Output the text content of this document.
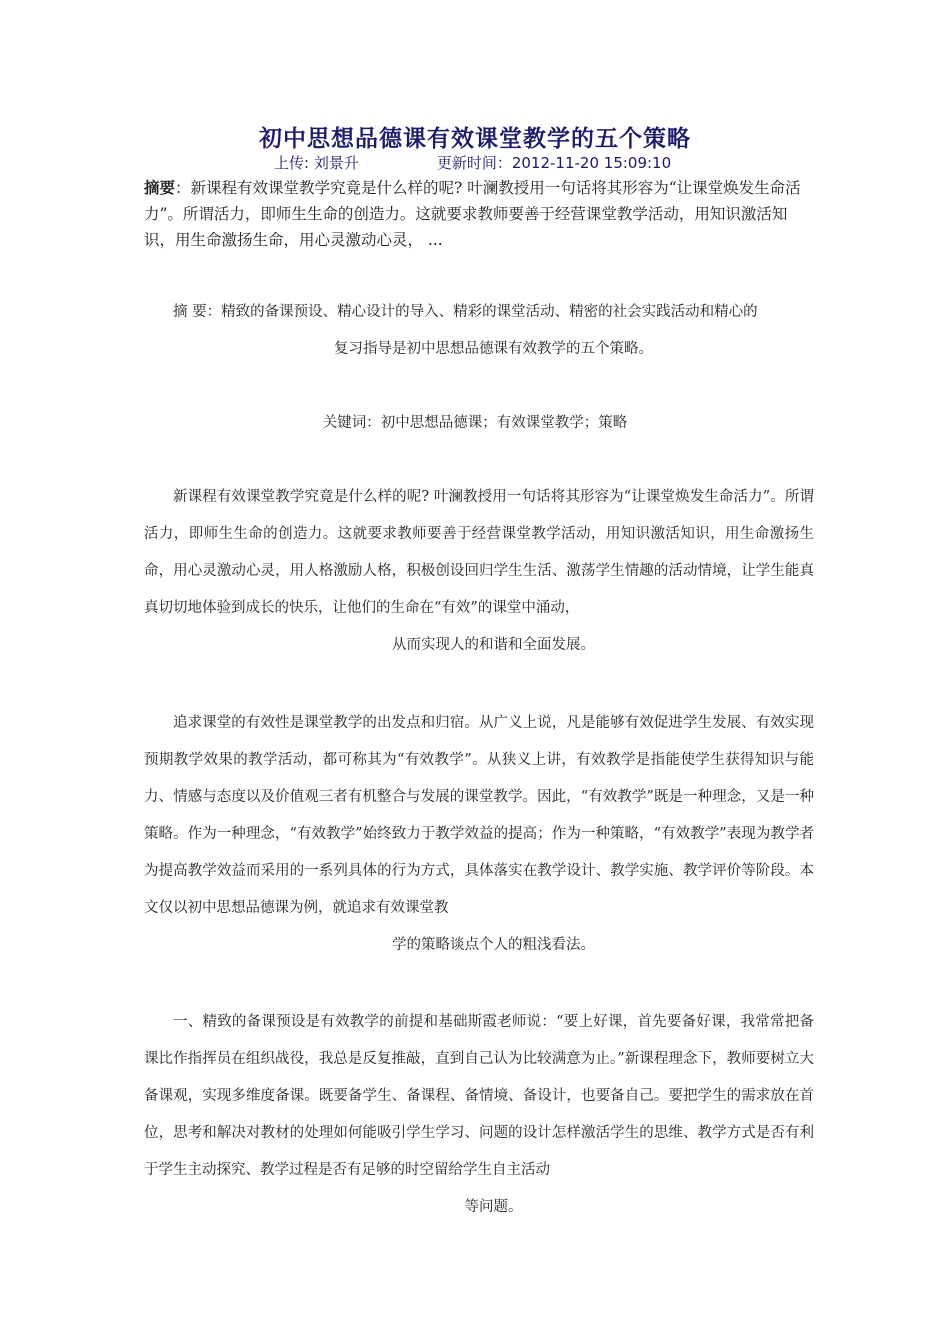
初中思想品德课有效课堂教学的五个策略
上传: 刘景升	更新时间：2012-11-20 15:09:10
摘要：新课程有效课堂教学究竟是什么样的呢? 叶澜教授用一句话将其形容为“让课堂焕发生命活力”。所谓活力，即师生生命的创造力。这就要求教师要善于经营课堂教学活动，用知识激活知识，用生命激扬生命，用心灵激动心灵， ...
摘 要：精致的备课预设、精心设计的导入、精彩的课堂活动、精密的社会实践活动和精心的
复习指导是初中思想品德课有效教学的五个策略。
关键词：初中思想品德课；有效课堂教学；策略
新课程有效课堂教学究竟是什么样的呢? 叶澜教授用一句话将其形容为“让课堂焕发生命活力”。所谓活力，即师生生命的创造力。这就要求教师要善于经营课堂教学活动，用知识激活知识，用生命激扬生命，用心灵激动心灵，用人格激励人格，积极创设回归学生生活、激荡学生情趣的活动情境，让学生能真真切切地体验到成长的快乐，让他们的生命在“有效”的课堂中涌动，
从而实现人的和谐和全面发展。
追求课堂的有效性是课堂教学的出发点和归宿。从广义上说，凡是能够有效促进学生发展、有效实现预期教学效果的教学活动，都可称其为“有效教学”。从狭义上讲，有效教学是指能使学生获得知识与能力、情感与态度以及价值观三者有机整合与发展的课堂教学。因此，“有效教学”既是一种理念，又是一种策略。作为一种理念，“有效教学”始终致力于教学效益的提高；作为一种策略，“有效教学”表现为教学者为提高教学效益而采用的一系列具体的行为方式，具体落实在教学设计、教学实施、教学评价等阶段。本文仅以初中思想品德课为例，就追求有效课堂教
学的策略谈点个人的粗浅看法。
一、精致的备课预设是有效教学的前提和基础斯霞老师说：“要上好课，首先要备好课，我常常把备课比作指挥员在组织战役，我总是反复推敲，直到自己认为比较满意为止。”新课程理念下，教师要树立大备课观，实现多维度备课。既要备学生、备课程、备情境、备设计，也要备自己。要把学生的需求放在首位，思考和解决对教材的处理如何能吸引学生学习、问题的设计怎样激活学生的思维、教学方式是否有利于学生主动探究、教学过程是否有足够的时空留给学生自主活动
等问题。
